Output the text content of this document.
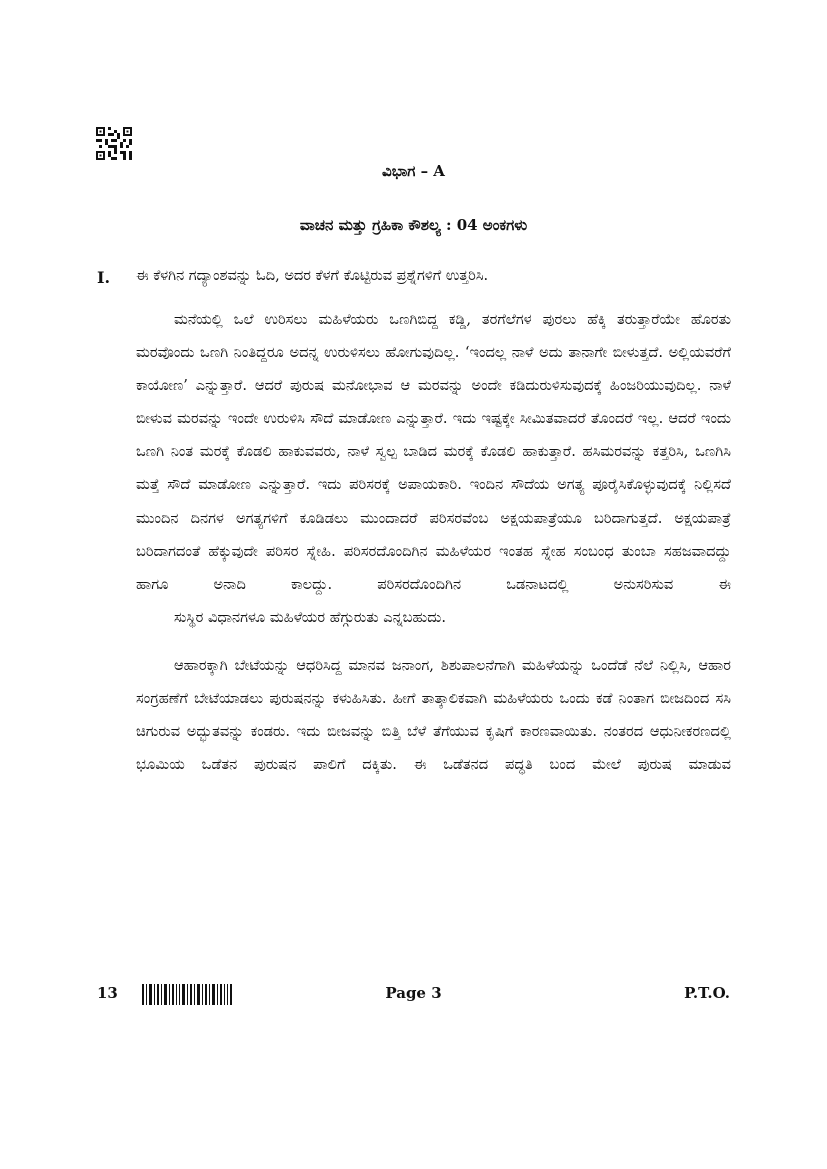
ವಿಭಾಗ – A
ವಾಚನ ಮತ್ತು ಗ್ರಹಿಕಾ ಕೌಶಲ್ಯ : 04 ಅಂಕಗಳು
I. ಈ ಕೆಳಗಿನ ಗದ್ಯಾಂಶವನ್ನು ಓದಿ, ಅದರ ಕೆಳಗೆ ಕೊಟ್ಟಿರುವ ಪ್ರಶ್ನೆಗಳಿಗೆ ಉತ್ತರಿಸಿ.

ಮನೆಯಲ್ಲಿ ಒಲೆ ಉರಿಸಲು ಮಹಿಳೆಯರು ಒಣಗಿಬಿದ್ದ ಕಡ್ಡಿ, ತರಗೆಲೆಗಳ ಪುರಲು ಹೆಕ್ಕಿ ತರುತ್ತಾರೆಯೇ ಹೊರತು ಮರವೊಂದು ಒಣಗಿ ನಿಂತಿದ್ದರೂ ಅದನ್ನ ಉರುಳಿಸಲು ಹೋಗುವುದಿಲ್ಲ. ‘ಇಂದಲ್ಲ ನಾಳೆ ಅದು ತಾನಾಗೇ ಬೀಳುತ್ತದೆ. ಅಲ್ಲಿಯವರೆಗೆ ಕಾಯೋಣ’ ಎನ್ನುತ್ತಾರೆ. ಆದರೆ ಪುರುಷ ಮನೋಭಾವ ಆ ಮರವನ್ನು ಅಂದೇ ಕಡಿದುರುಳಿಸುವುದಕ್ಕೆ ಹಿಂಜರಿಯುವುದಿಲ್ಲ. ನಾಳೆ ಬೀಳುವ ಮರವನ್ನು ಇಂದೇ ಉರುಳಿಸಿ ಸೌದೆ ಮಾಡೋಣ ಎನ್ನುತ್ತಾರೆ. ಇದು ಇಷ್ಟಕ್ಕೇ ಸೀಮಿತವಾದರೆ ತೊಂದರೆ ಇಲ್ಲ. ಆದರೆ ಇಂದು ಒಣಗಿ ನಿಂತ ಮರಕ್ಕೆ ಕೊಡಲಿ ಹಾಕುವವರು, ನಾಳೆ ಸ್ವಲ್ಪ ಬಾಡಿದ ಮರಕ್ಕೆ ಕೊಡಲಿ ಹಾಕುತ್ತಾರೆ. ಹಸಿಮರವನ್ನು ಕತ್ತರಿಸಿ, ಒಣಗಿಸಿ ಮತ್ತೆ ಸೌದೆ ಮಾಡೋಣ ಎನ್ನುತ್ತಾರೆ. ಇದು ಪರಿಸರಕ್ಕೆ ಅಪಾಯಕಾರಿ. ಇಂದಿನ ಸೌದೆಯ ಅಗತ್ಯ ಪೂರೈಸಿಕೊಳ್ಳುವುದಕ್ಕೆ ನಿಲ್ಲಿಸದೆ ಮುಂದಿನ ದಿನಗಳ ಅಗತ್ಯಗಳಿಗೆ ಕೂಡಿಡಲು ಮುಂದಾದರೆ ಪರಿಸರವೆಂಬ ಅಕ್ಷಯಪಾತ್ರೆಯೂ ಬರಿದಾಗುತ್ತದೆ. ಅಕ್ಷಯಪಾತ್ರೆ ಬರಿದಾಗದಂತೆ ಹೆಕ್ಕುವುದೇ ಪರಿಸರ ಸ್ನೇಹಿ. ಪರಿಸರದೊಂದಿಗಿನ ಮಹಿಳೆಯರ ಇಂತಹ ಸ್ನೇಹ ಸಂಬಂಧ ತುಂಬಾ ಸಹಜವಾದದ್ದು ಹಾಗೂ ಅನಾದಿ ಕಾಲದ್ದು. ಪರಿಸರದೊಂದಿಗಿನ ಒಡನಾಟದಲ್ಲಿ ಅನುಸರಿಸುವ ಈ
ಸುಸ್ಥಿರ ವಿಧಾನಗಳೂ ಮಹಿಳೆಯರ ಹೆಗ್ಗುರುತು ಎನ್ನಬಹುದು.

ಆಹಾರಕ್ಕಾಗಿ ಬೇಟೆಯನ್ನು ಆಧರಿಸಿದ್ದ ಮಾನವ ಜನಾಂಗ, ಶಿಶುಪಾಲನೆಗಾಗಿ ಮಹಿಳೆಯನ್ನು ಒಂದೆಡೆ ನೆಲೆ ನಿಲ್ಲಿಸಿ, ಆಹಾರ ಸಂಗ್ರಹಣೆಗೆ ಬೇಟೆಯಾಡಲು ಪುರುಷನನ್ನು ಕಳುಹಿಸಿತು. ಹೀಗೆ ತಾತ್ಕಾಲಿಕವಾಗಿ ಮಹಿಳೆಯರು ಒಂದು ಕಡೆ ನಿಂತಾಗ ಬೀಜದಿಂದ ಸಸಿ ಚಿಗುರುವ ಅದ್ಭುತವನ್ನು ಕಂಡರು. ಇದು ಬೀಜವನ್ನು ಬಿತ್ತಿ ಬೆಳೆ ತೆಗೆಯುವ ಕೃಷಿಗೆ ಕಾರಣವಾಯಿತು. ನಂತರದ ಆಧುನೀಕರಣದಲ್ಲಿ ಭೂಮಿಯ ಒಡೆತನ ಪುರುಷನ ಪಾಲಿಗೆ ದಕ್ಕಿತು. ಈ ಒಡೆತನದ ಪದ್ಧತಿ ಬಂದ ಮೇಲೆ ಪುರುಷ ಮಾಡುವ

13	Page 3	P.T.O.
